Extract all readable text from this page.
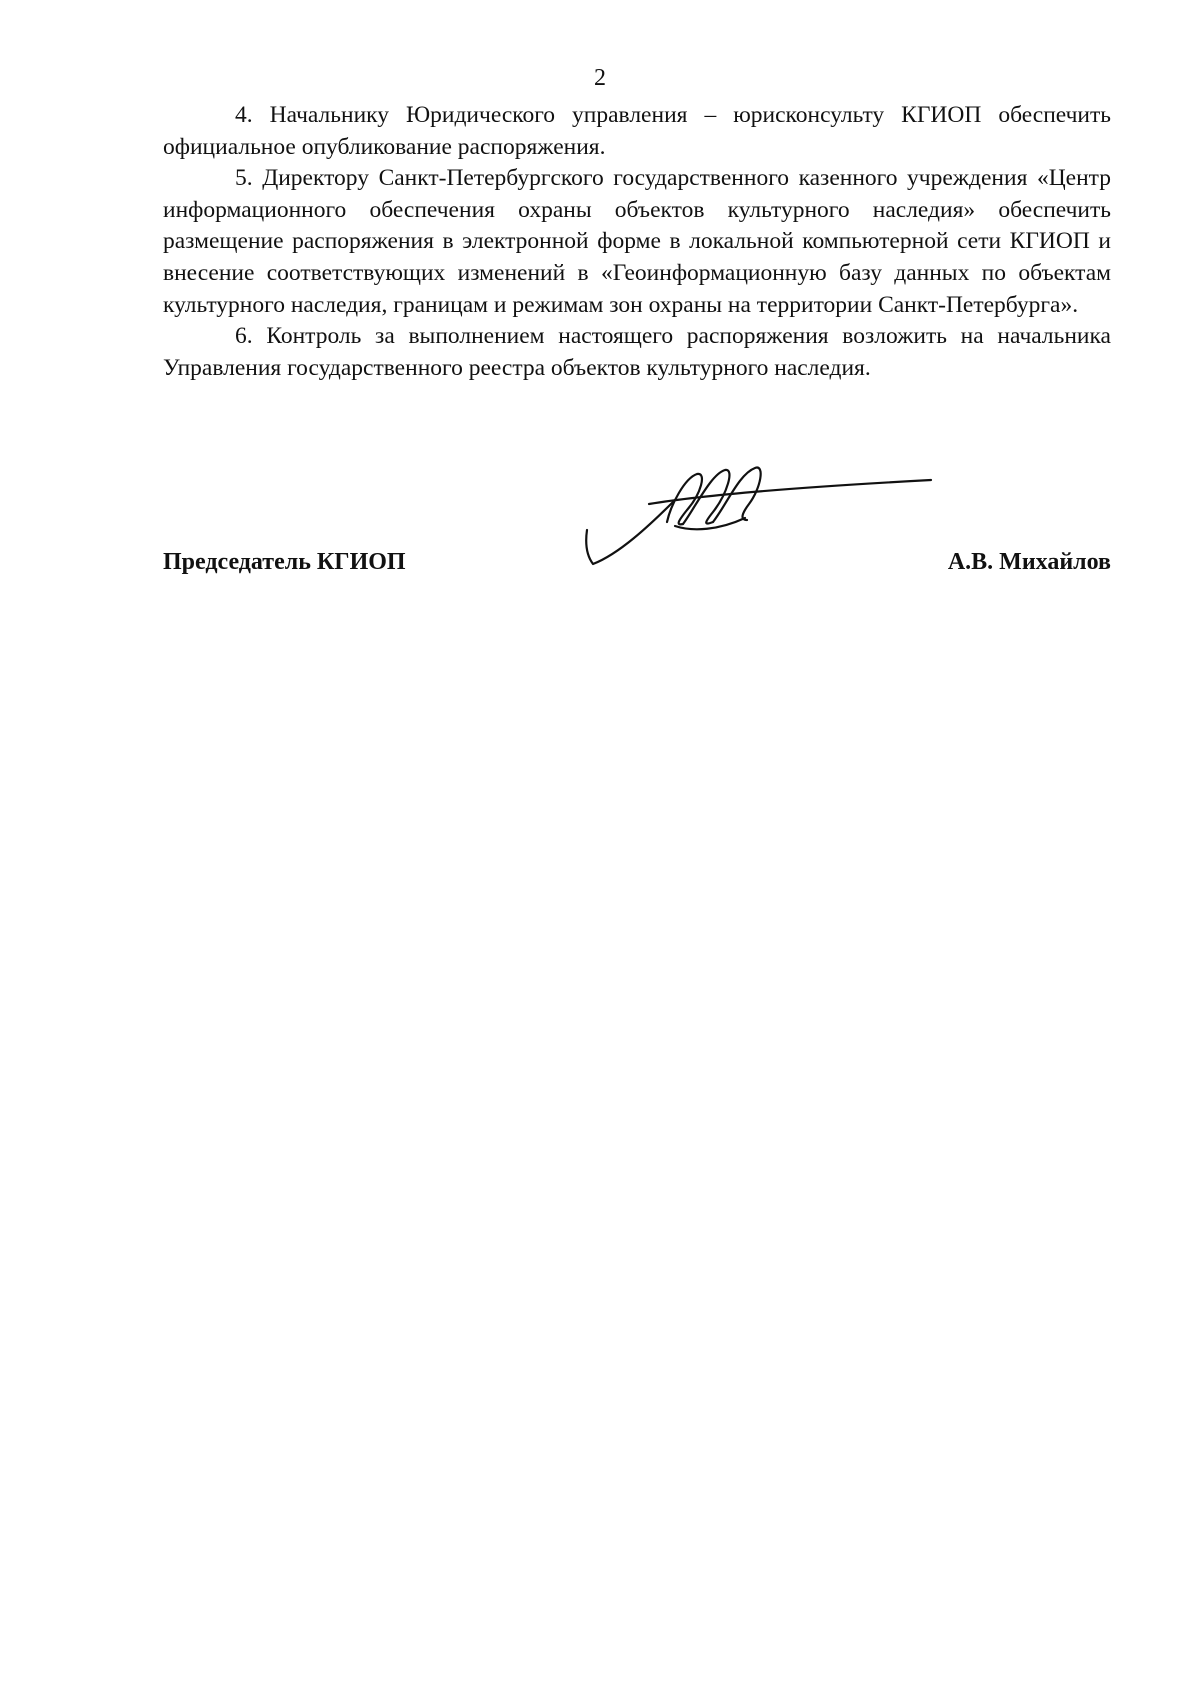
2

4. Начальнику Юридического управления – юрисконсульту КГИОП обеспечить официальное опубликование распоряжения.

5. Директору Санкт-Петербургского государственного казенного учреждения «Центр информационного обеспечения охраны объектов культурного наследия» обеспечить размещение распоряжения в электронной форме в локальной компьютерной сети КГИОП и внесение соответствующих изменений в «Геоинформационную базу данных по объектам культурного наследия, границам и режимам зон охраны на территории Санкт-Петербурга».

6. Контроль за выполнением настоящего распоряжения возложить на начальника Управления государственного реестра объектов культурного наследия.

Председатель КГИОП	А.В. Михайлов
